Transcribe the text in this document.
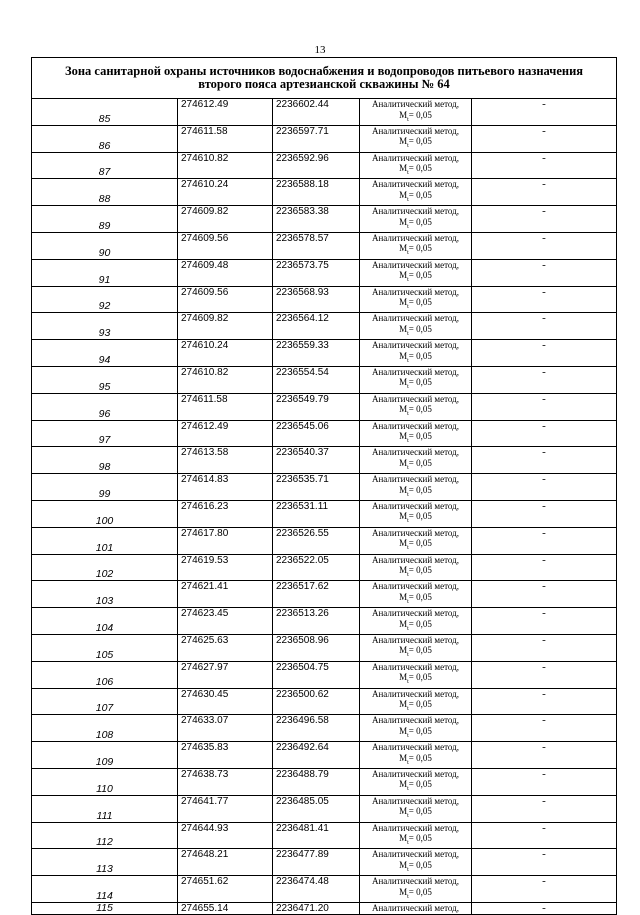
13
Зона санитарной охраны источников водоснабжения и водопроводов питьевого назначения
второго пояса артезианской скважины № 64				
85	274612.49	2236602.44	Аналитический метод,
$M_t= 0,05$	-
86	274611.58	2236597.71	Аналитический метод,
$M_t= 0,05$	-
87	274610.82	2236592.96	Аналитический метод,
$M_t= 0,05$	-
88	274610.24	2236588.18	Аналитический метод,
$M_t= 0,05$	-
89	274609.82	2236583.38	Аналитический метод,
$M_t= 0,05$	-
90	274609.56	2236578.57	Аналитический метод,
$M_t= 0,05$	-
91	274609.48	2236573.75	Аналитический метод,
$M_t= 0,05$	-
92	274609.56	2236568.93	Аналитический метод,
$M_t= 0,05$	-
93	274609.82	2236564.12	Аналитический метод,
$M_t= 0,05$	-
94	274610.24	2236559.33	Аналитический метод,
$M_t= 0,05$	-
95	274610.82	2236554.54	Аналитический метод,
$M_t= 0,05$	-
96	274611.58	2236549.79	Аналитический метод,
$M_t= 0,05$	-
97	274612.49	2236545.06	Аналитический метод,
$M_t= 0,05$	-
98	274613.58	2236540.37	Аналитический метод,
$M_t= 0,05$	-
99	274614.83	2236535.71	Аналитический метод,
$M_t= 0,05$	-
100	274616.23	2236531.11	Аналитический метод,
$M_t= 0,05$	-
101	274617.80	2236526.55	Аналитический метод,
$M_t= 0,05$	-
102	274619.53	2236522.05	Аналитический метод,
$M_t= 0,05$	-
103	274621.41	2236517.62	Аналитический метод,
$M_t= 0,05$	-
104	274623.45	2236513.26	Аналитический метод,
$M_t= 0,05$	-
105	274625.63	2236508.96	Аналитический метод,
$M_t= 0,05$	-
106	274627.97	2236504.75	Аналитический метод,
$M_t= 0,05$	-
107	274630.45	2236500.62	Аналитический метод,
$M_t= 0,05$	-
108	274633.07	2236496.58	Аналитический метод,
$M_t= 0,05$	-
109	274635.83	2236492.64	Аналитический метод,
$M_t= 0,05$	-
110	274638.73	2236488.79	Аналитический метод,
$M_t= 0,05$	-
111	274641.77	2236485.05	Аналитический метод,
$M_t= 0,05$	-
112	274644.93	2236481.41	Аналитический метод,
$M_t= 0,05$	-
113	274648.21	2236477.89	Аналитический метод,
$M_t= 0,05$	-
114	274651.62	2236474.48	Аналитический метод,
$M_t= 0,05$	-
115	274655.14	2236471.20	Аналитический метод,	-
